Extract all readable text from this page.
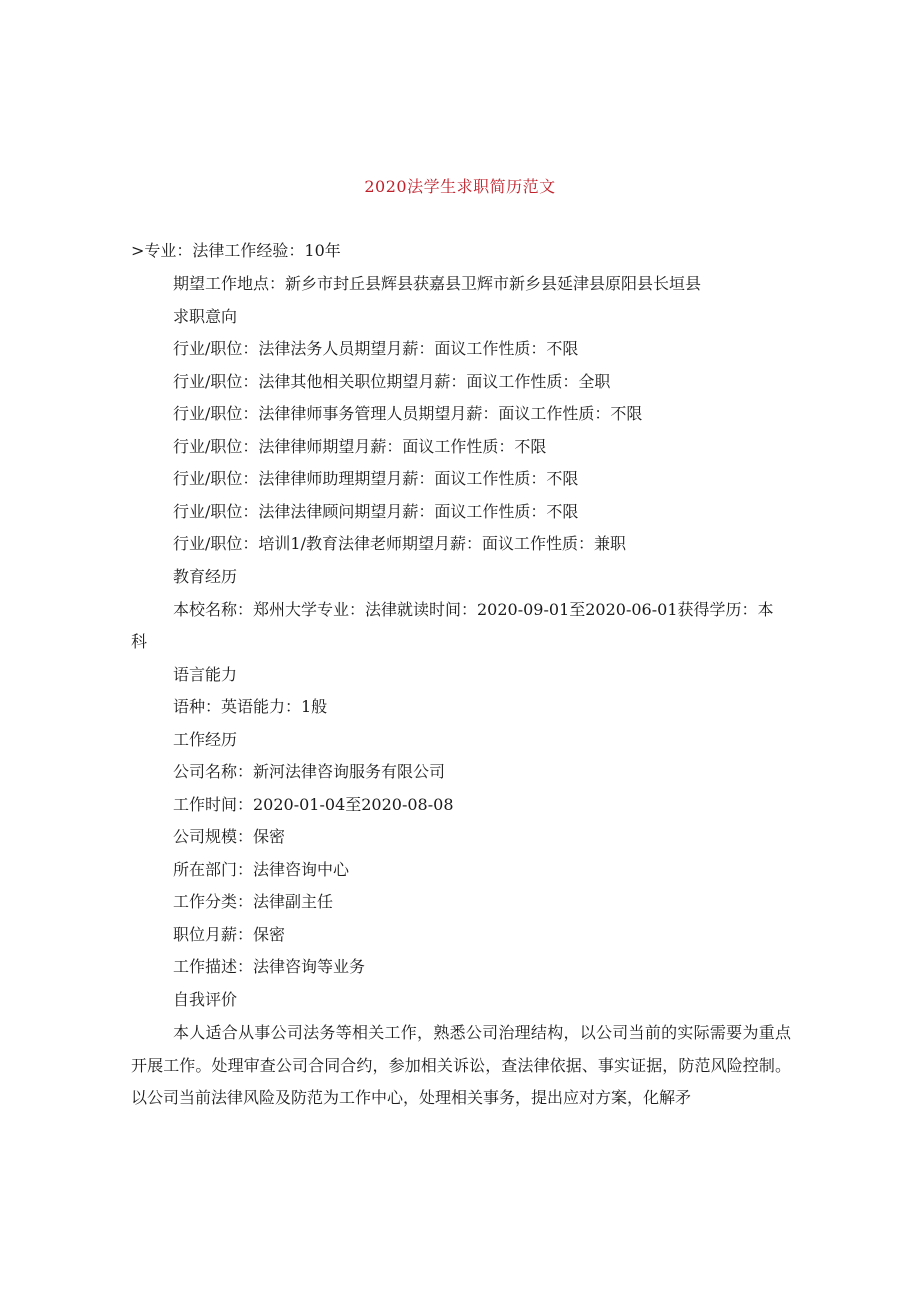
2020法学生求职简历范文
>专业：法律工作经验：10年
期望工作地点：新乡市封丘县辉县获嘉县卫辉市新乡县延津县原阳县长垣县
求职意向
行业/职位：法律法务人员期望月薪：面议工作性质：不限
行业/职位：法律其他相关职位期望月薪：面议工作性质：全职
行业/职位：法律律师事务管理人员期望月薪：面议工作性质：不限
行业/职位：法律律师期望月薪：面议工作性质：不限
行业/职位：法律律师助理期望月薪：面议工作性质：不限
行业/职位：法律法律顾问期望月薪：面议工作性质：不限
行业/职位：培训1/教育法律老师期望月薪：面议工作性质：兼职
教育经历
本校名称：郑州大学专业：法律就读时间：2020-09-01至2020-06-01获得学历：本
科
语言能力
语种：英语能力：1般
工作经历
公司名称：新河法律咨询服务有限公司
工作时间：2020-01-04至2020-08-08
公司规模：保密
所在部门：法律咨询中心
工作分类：法律副主任
职位月薪：保密
工作描述：法律咨询等业务
自我评价
本人适合从事公司法务等相关工作，熟悉公司治理结构，以公司当前的实际需要为重点开展工作。处理审查公司合同合约，参加相关诉讼，查法律依据、事实证据，防范风险控制。以公司当前法律风险及防范为工作中心，处理相关事务，提出应对方案，化解矛
